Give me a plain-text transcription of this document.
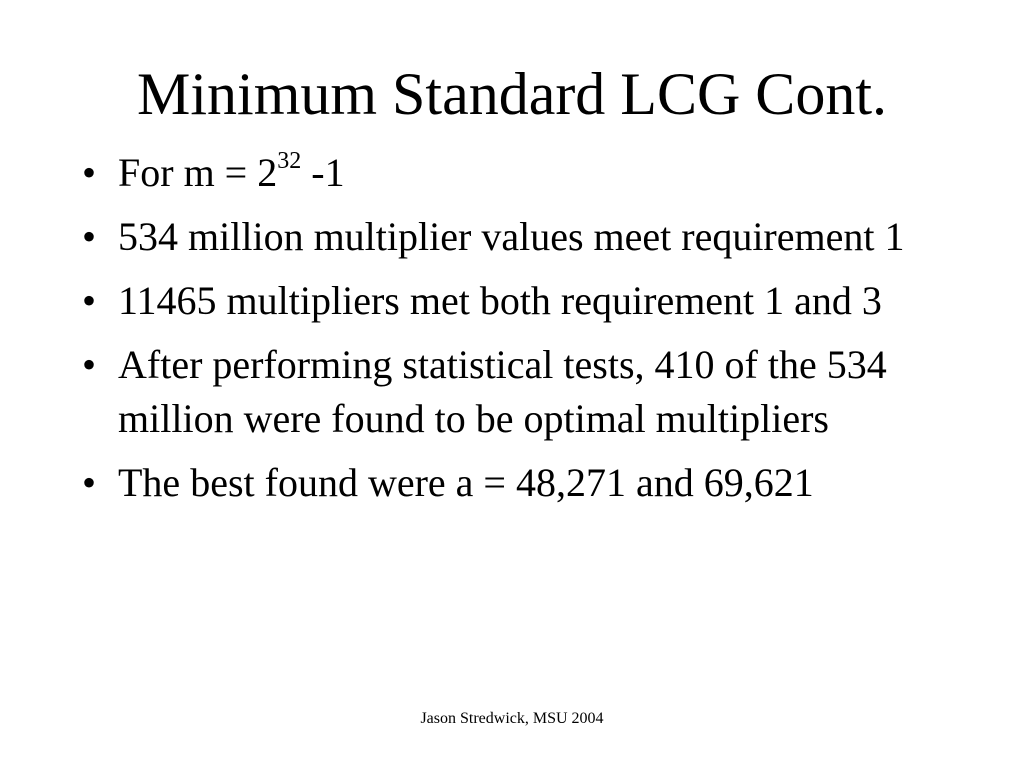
Minimum Standard LCG Cont.
• For $m = 2^{32}$ -1
• 534 million multiplier values meet requirement 1
• 11465 multipliers met both requirement 1 and 3
• After performing statistical tests, 410 of the 534 million were found to be optimal multipliers
• The best found were a = 48,271 and 69,621
Jason Stredwick, MSU 2004
